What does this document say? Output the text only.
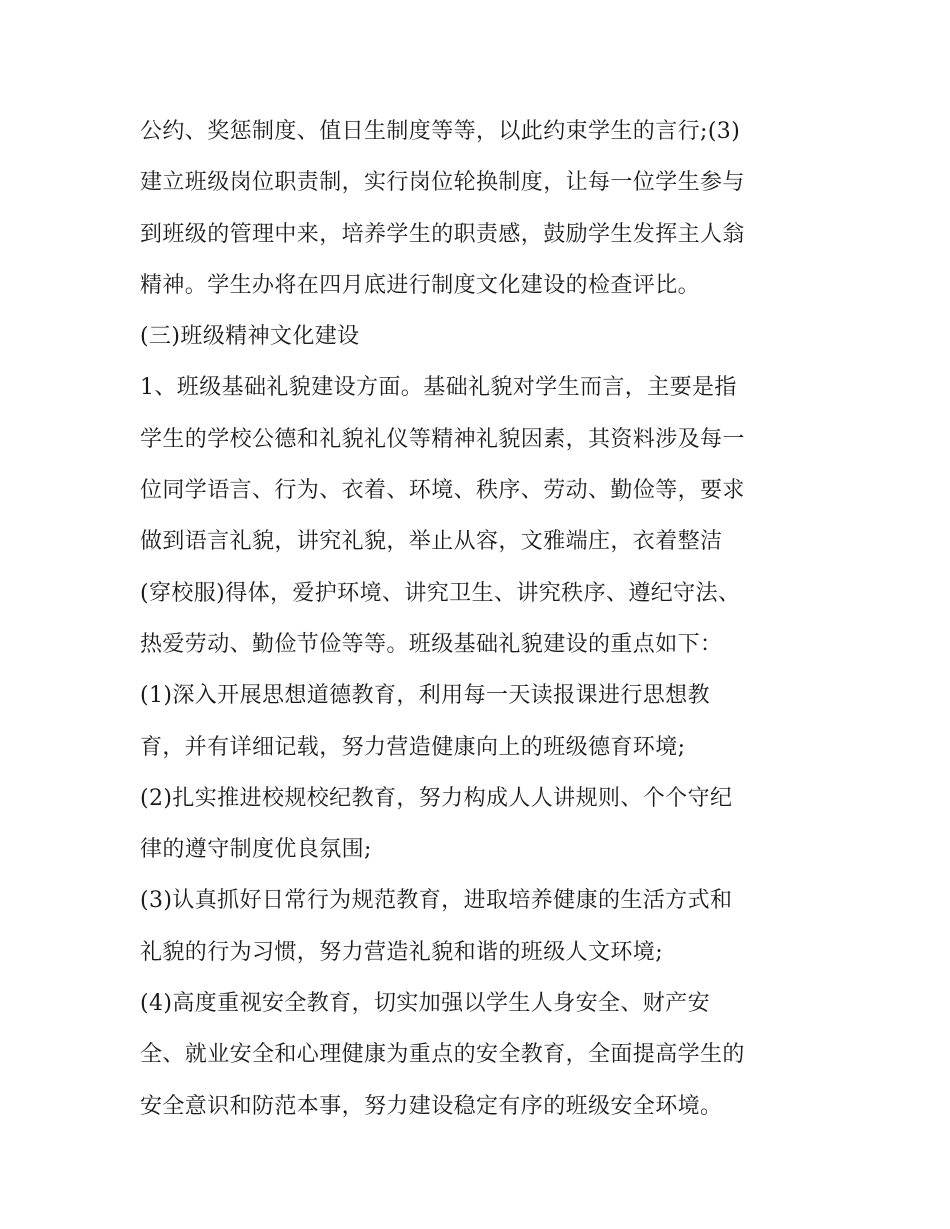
公约、奖惩制度、值日生制度等等，以此约束学生的言行;(3)
建立班级岗位职责制，实行岗位轮换制度，让每一位学生参与
到班级的管理中来，培养学生的职责感，鼓励学生发挥主人翁
精神。学生办将在四月底进行制度文化建设的检查评比。
(三)班级精神文化建设
1、班级基础礼貌建设方面。基础礼貌对学生而言，主要是指
学生的学校公德和礼貌礼仪等精神礼貌因素，其资料涉及每一
位同学语言、行为、衣着、环境、秩序、劳动、勤俭等，要求
做到语言礼貌，讲究礼貌，举止从容，文雅端庄，衣着整洁
(穿校服)得体，爱护环境、讲究卫生、讲究秩序、遵纪守法、
热爱劳动、勤俭节俭等等。班级基础礼貌建设的重点如下：
(1)深入开展思想道德教育，利用每一天读报课进行思想教
育，并有详细记载，努力营造健康向上的班级德育环境;
(2)扎实推进校规校纪教育，努力构成人人讲规则、个个守纪
律的遵守制度优良氛围;
(3)认真抓好日常行为规范教育，进取培养健康的生活方式和
礼貌的行为习惯，努力营造礼貌和谐的班级人文环境;
(4)高度重视安全教育，切实加强以学生人身安全、财产安
全、就业安全和心理健康为重点的安全教育，全面提高学生的
安全意识和防范本事，努力建设稳定有序的班级安全环境。
